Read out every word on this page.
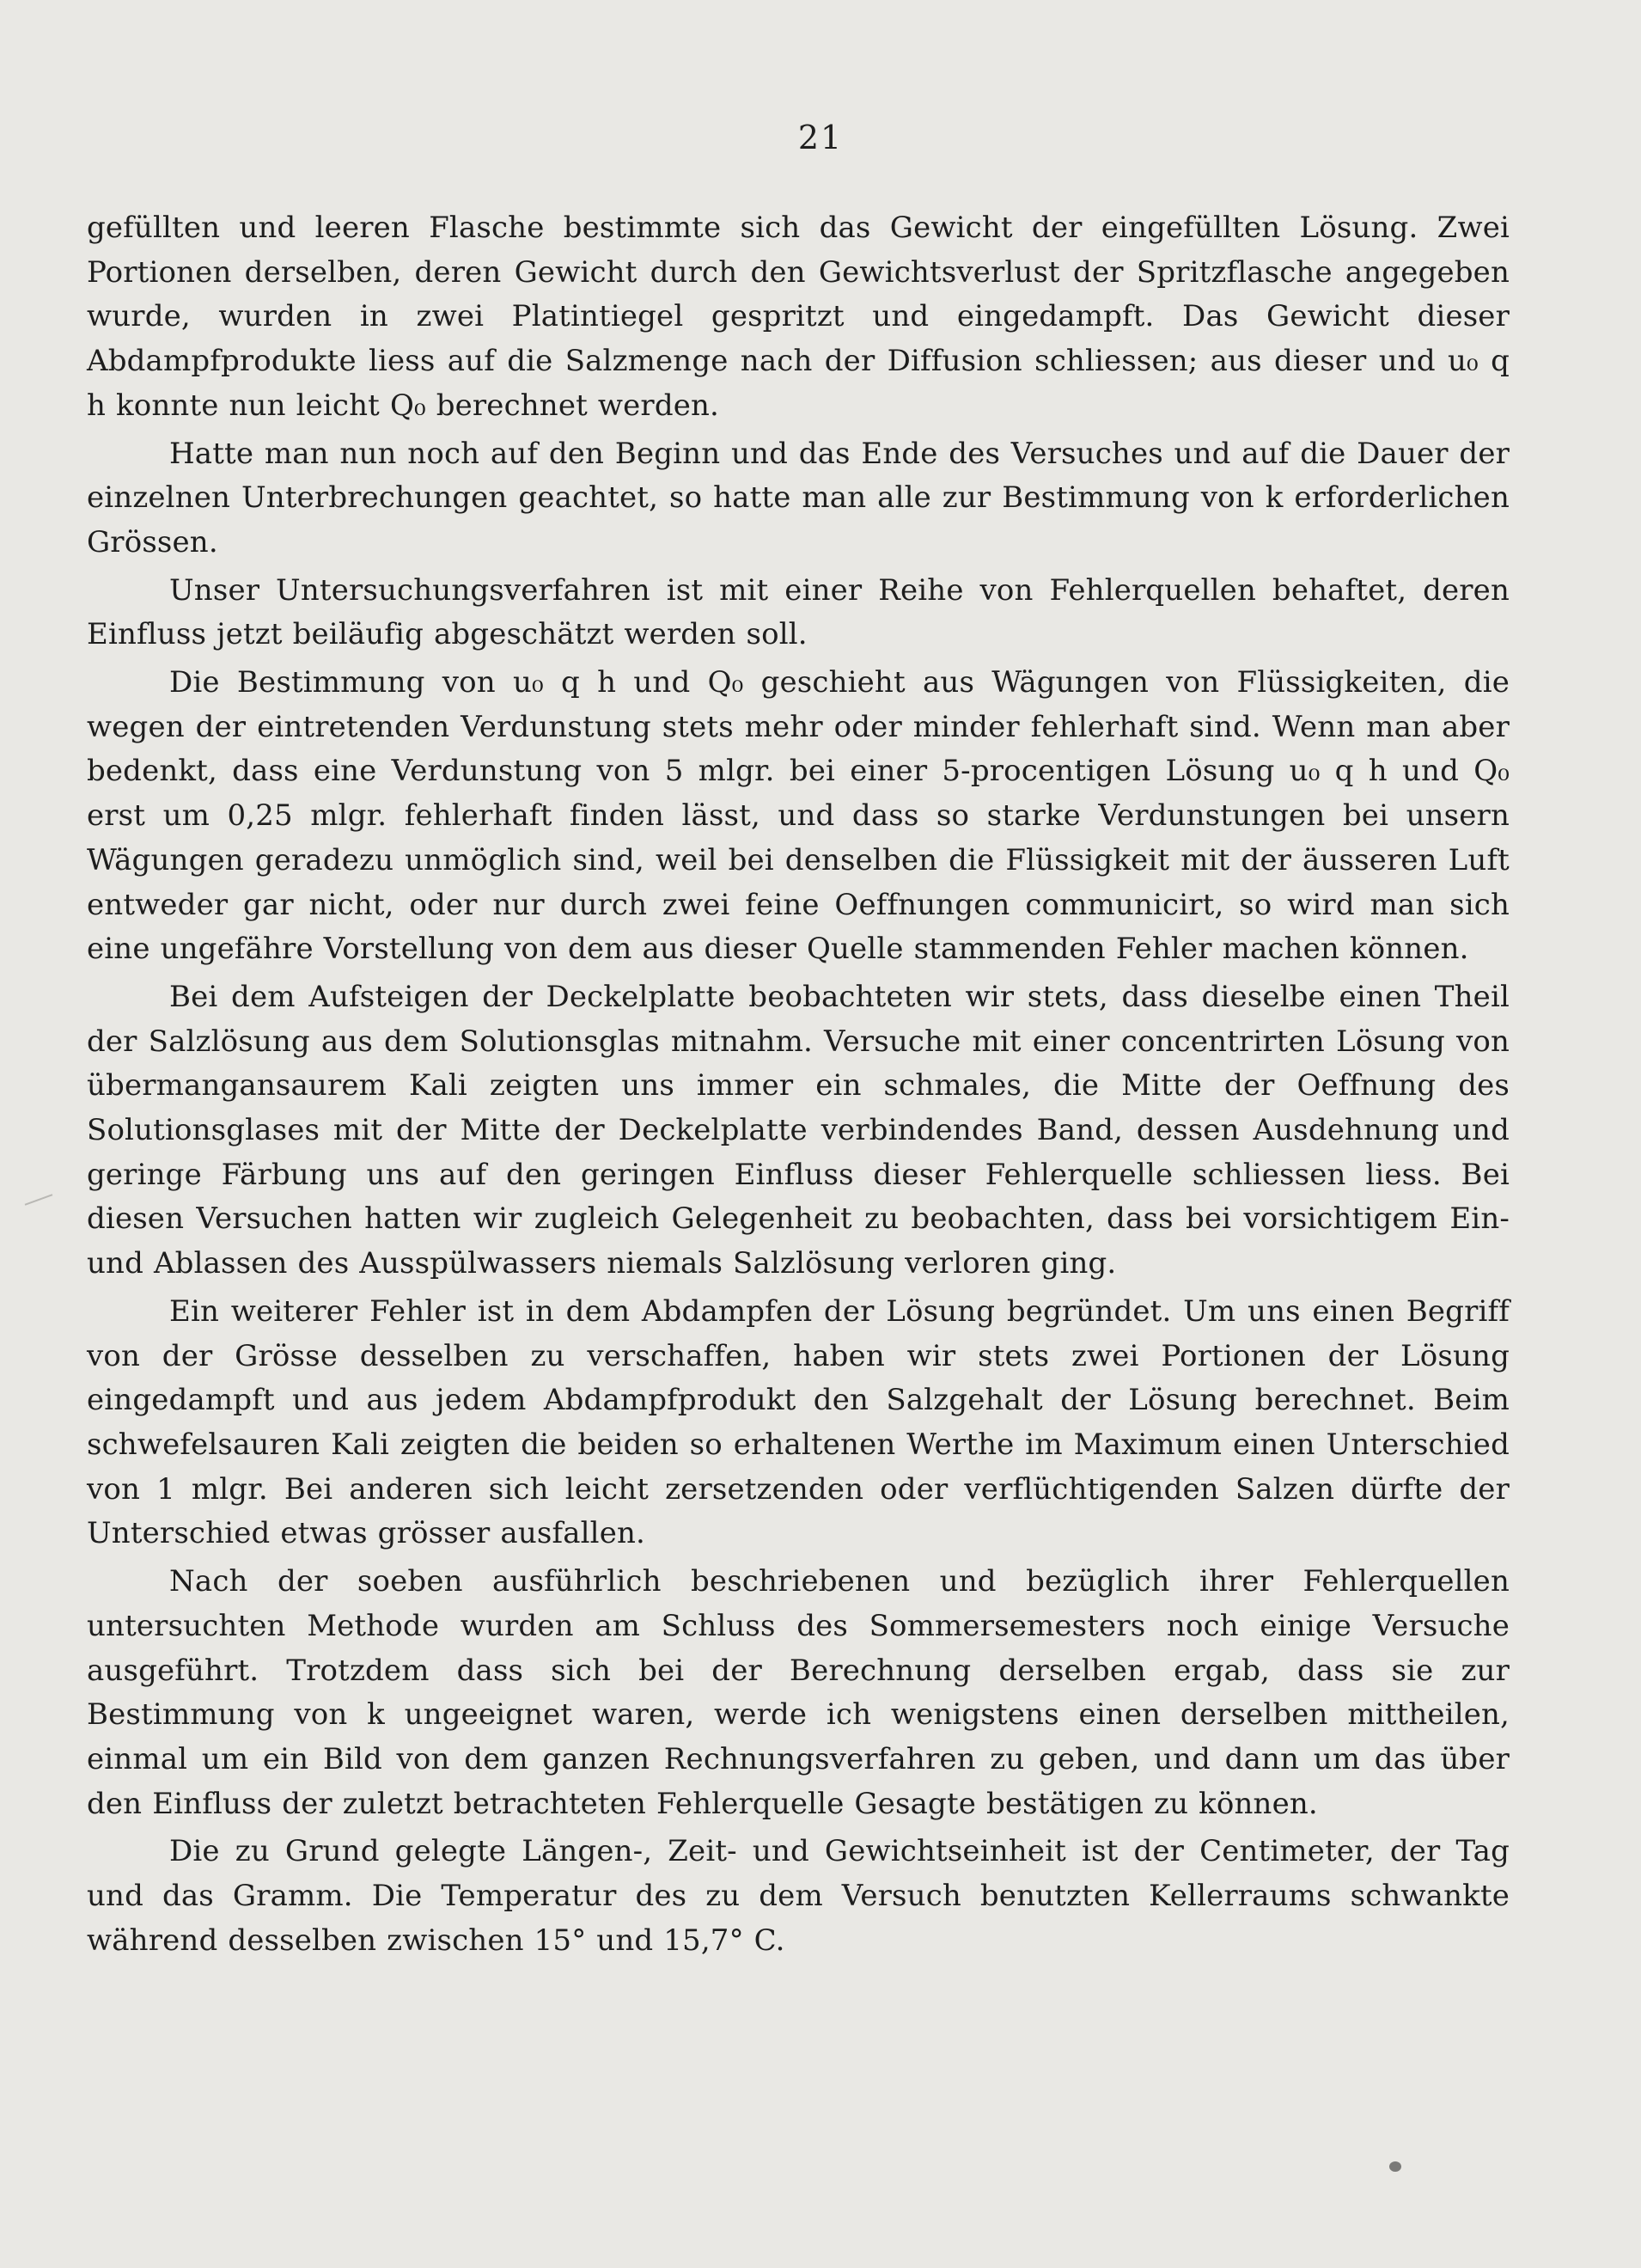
21

gefüllten und leeren Flasche bestimmte sich das Gewicht der eingefüllten Lösung. Zwei Portionen derselben, deren Gewicht durch den Gewichtsverlust der Spritzflasche angegeben wurde, wurden in zwei Platintiegel gespritzt und eingedampft. Das Gewicht dieser Abdampfprodukte liess auf die Salzmenge nach der Diffusion schliessen; aus dieser und u₀ q h konnte nun leicht Q₀ berechnet werden.

Hatte man nun noch auf den Beginn und das Ende des Versuches und auf die Dauer der einzelnen Unterbrechungen geachtet, so hatte man alle zur Bestimmung von k erforderlichen Grössen.

Unser Untersuchungsverfahren ist mit einer Reihe von Fehlerquellen behaftet, deren Einfluss jetzt beiläufig abgeschätzt werden soll.

Die Bestimmung von u₀ q h und Q₀ geschieht aus Wägungen von Flüssigkeiten, die wegen der eintretenden Verdunstung stets mehr oder minder fehlerhaft sind. Wenn man aber bedenkt, dass eine Verdunstung von 5 mlgr. bei einer 5-procentigen Lösung u₀ q h und Q₀ erst um 0,25 mlgr. fehlerhaft finden lässt, und dass so starke Verdunstungen bei unsern Wägungen geradezu unmöglich sind, weil bei denselben die Flüssigkeit mit der äusseren Luft entweder gar nicht, oder nur durch zwei feine Oeffnungen communicirt, so wird man sich eine ungefähre Vorstellung von dem aus dieser Quelle stammenden Fehler machen können.

Bei dem Aufsteigen der Deckelplatte beobachteten wir stets, dass dieselbe einen Theil der Salzlösung aus dem Solutionsglas mitnahm. Versuche mit einer concentrirten Lösung von übermangansaurem Kali zeigten uns immer ein schmales, die Mitte der Oeffnung des Solutionsglases mit der Mitte der Deckelplatte verbindendes Band, dessen Ausdehnung und geringe Färbung uns auf den geringen Einfluss dieser Fehlerquelle schliessen liess. Bei diesen Versuchen hatten wir zugleich Gelegenheit zu beobachten, dass bei vorsichtigem Ein- und Ablassen des Ausspülwassers niemals Salzlösung verloren ging.

Ein weiterer Fehler ist in dem Abdampfen der Lösung begründet. Um uns einen Begriff von der Grösse desselben zu verschaffen, haben wir stets zwei Portionen der Lösung eingedampft und aus jedem Abdampfprodukt den Salzgehalt der Lösung berechnet. Beim schwefelsauren Kali zeigten die beiden so erhaltenen Werthe im Maximum einen Unterschied von 1 mlgr. Bei anderen sich leicht zersetzenden oder verflüchtigenden Salzen dürfte der Unterschied etwas grösser ausfallen.

Nach der soeben ausführlich beschriebenen und bezüglich ihrer Fehlerquellen untersuchten Methode wurden am Schluss des Sommersemesters noch einige Versuche ausgeführt. Trotzdem dass sich bei der Berechnung derselben ergab, dass sie zur Bestimmung von k ungeeignet waren, werde ich wenigstens einen derselben mittheilen, einmal um ein Bild von dem ganzen Rechnungsverfahren zu geben, und dann um das über den Einfluss der zuletzt betrachteten Fehlerquelle Gesagte bestätigen zu können.

Die zu Grund gelegte Längen-, Zeit- und Gewichtseinheit ist der Centimeter, der Tag und das Gramm. Die Temperatur des zu dem Versuch benutzten Kellerraums schwankte während desselben zwischen 15° und 15,7° C.
